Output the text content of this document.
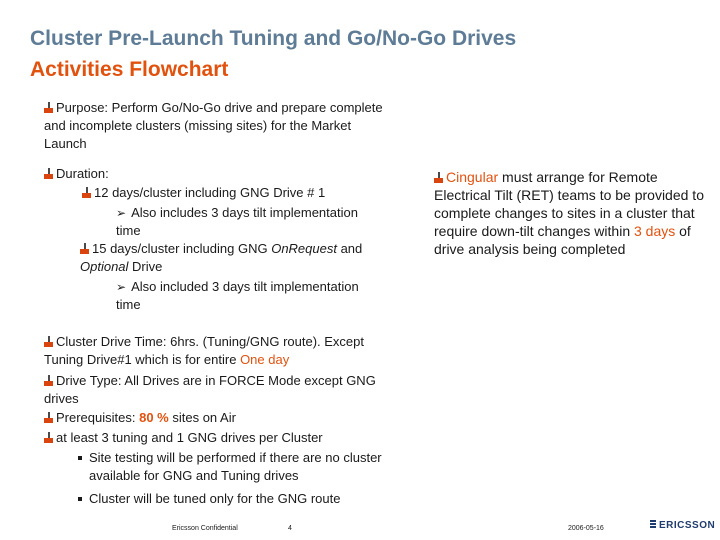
Cluster Pre-Launch Tuning and Go/No-Go Drives
Activities Flowchart

Purpose: Perform Go/No-Go drive and prepare complete and incomplete clusters (missing sites) for the Market Launch

Duration:

12 days/cluster including GNG Drive # 1

➢ Also includes 3 days tilt implementation time

15 days/cluster including GNG OnRequest and Optional Drive

➢ Also included 3 days tilt implementation time

Cluster Drive Time: 6hrs. (Tuning/GNG route). Except Tuning Drive#1 which is for entire One day

Drive Type: All Drives are in FORCE Mode except GNG drives

Prerequisites: 80 % sites on Air

at least 3 tuning and 1 GNG drives per Cluster

Site testing will be performed if there are no cluster available for GNG and Tuning drives

Cluster will be tuned only for the GNG route

Cingular must arrange for Remote Electrical Tilt (RET) teams to be provided to complete changes to sites in a cluster that require down-tilt changes within 3 days of drive analysis being completed

Ericsson Confidential	4	2006-05-16	ERICSSON
